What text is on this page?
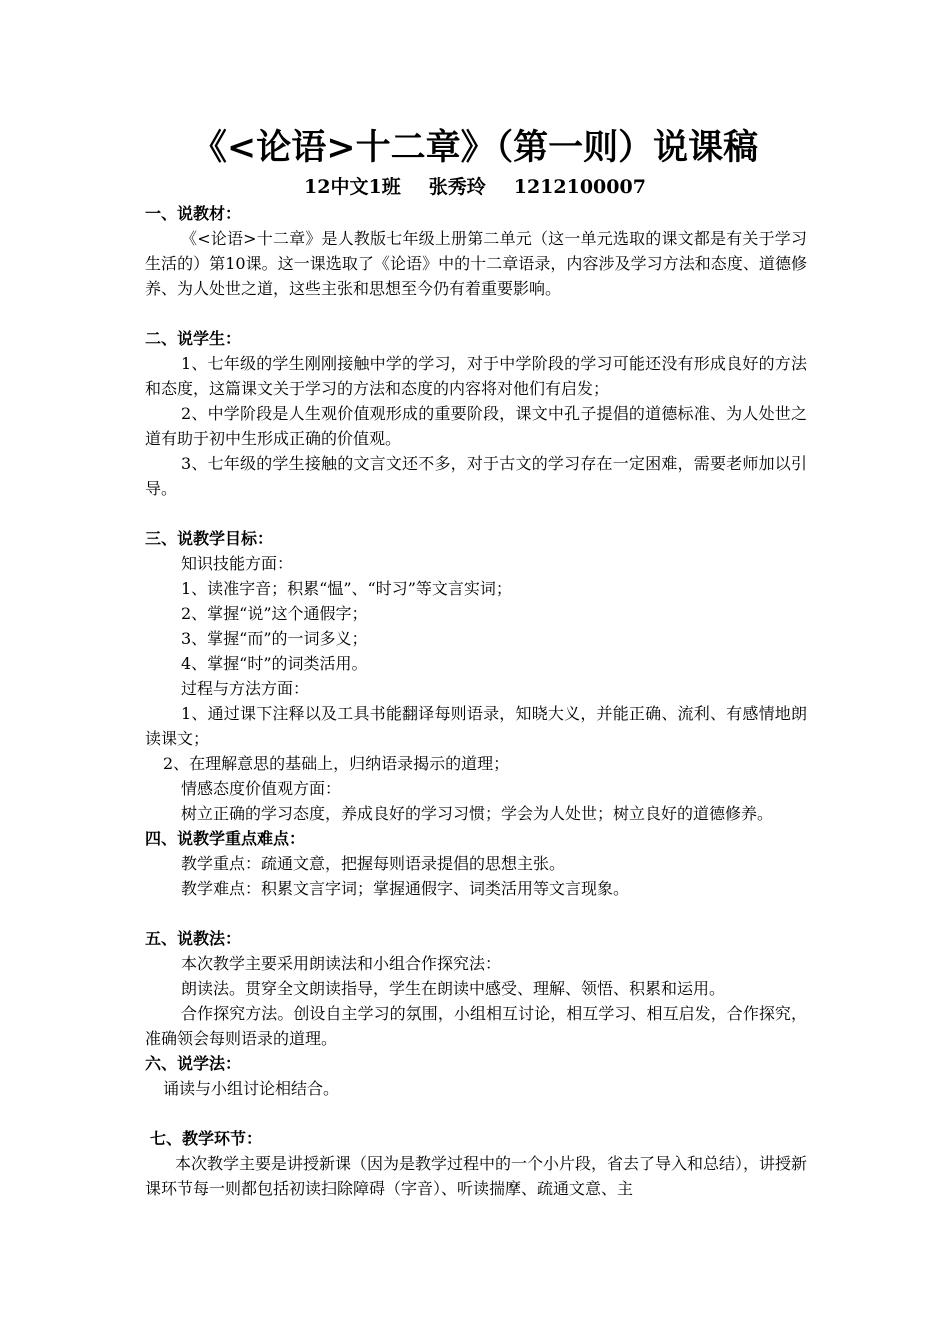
《<论语>十二章》（第一则）说课稿
12中文1班 张秀玲 1212100007

一、说教材：

《<论语>十二章》是人教版七年级上册第二单元（这一单元选取的课文都是有关于学习生活的）第10课。这一课选取了《论语》中的十二章语录，内容涉及学习方法和态度、道德修养、为人处世之道，这些主张和思想至今仍有着重要影响。

二、说学生：

1、七年级的学生刚刚接触中学的学习，对于中学阶段的学习可能还没有形成良好的方法和态度，这篇课文关于学习的方法和态度的内容将对他们有启发；

2、中学阶段是人生观价值观形成的重要阶段，课文中孔子提倡的道德标准、为人处世之道有助于初中生形成正确的价值观。

3、七年级的学生接触的文言文还不多，对于古文的学习存在一定困难，需要老师加以引导。

三、说教学目标：

知识技能方面：

1、读准字音；积累“愠”、“时习”等文言实词；

2、掌握“说”这个通假字；

3、掌握“而”的一词多义；

4、掌握“时”的词类活用。

过程与方法方面：

1、通过课下注释以及工具书能翻译每则语录，知晓大义，并能正确、流利、有感情地朗读课文；

2、在理解意思的基础上，归纳语录揭示的道理；

情感态度价值观方面：

树立正确的学习态度，养成良好的学习习惯；学会为人处世；树立良好的道德修养。

四、说教学重点难点：

教学重点：疏通文意，把握每则语录提倡的思想主张。

教学难点：积累文言字词；掌握通假字、词类活用等文言现象。

五、说教法：

本次教学主要采用朗读法和小组合作探究法：

朗读法。贯穿全文朗读指导，学生在朗读中感受、理解、领悟、积累和运用。

合作探究方法。创设自主学习的氛围，小组相互讨论，相互学习、相互启发，合作探究，准确领会每则语录的道理。

六、说学法：

诵读与小组讨论相结合。

七、教学环节：

本次教学主要是讲授新课（因为是教学过程中的一个小片段，省去了导入和总结），讲授新课环节每一则都包括初读扫除障碍（字音）、听读揣摩、疏通文意、主
